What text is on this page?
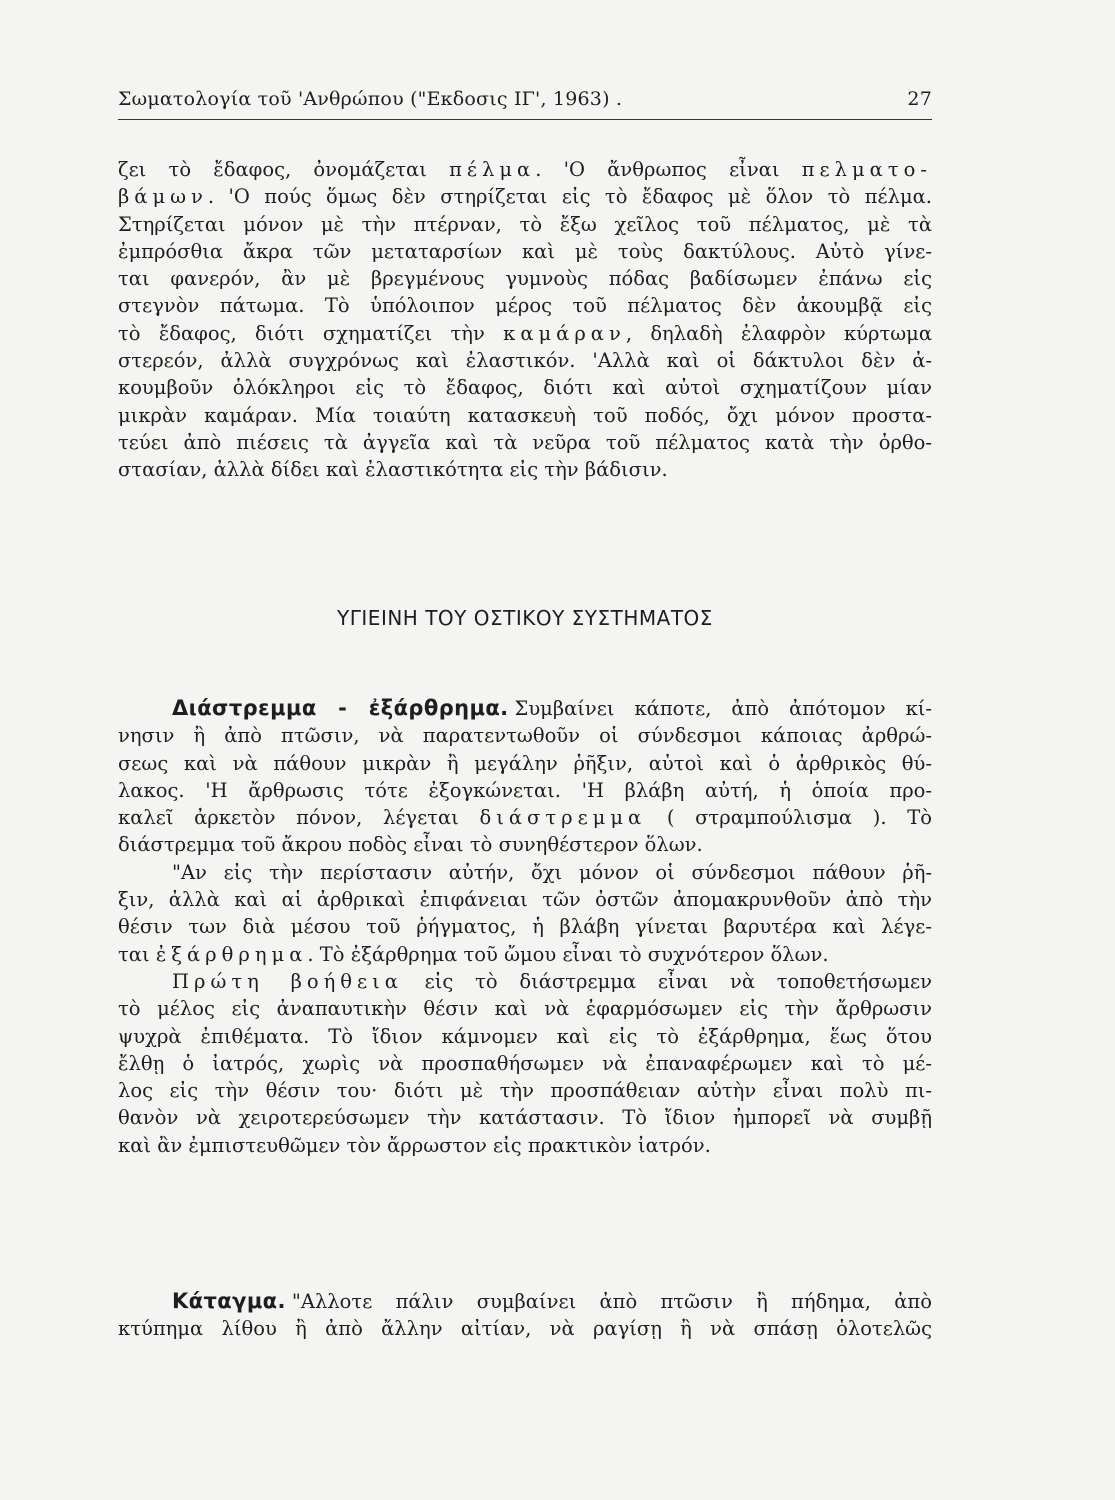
Σωματολογία τοῦ 'Ανθρώπου ("Εκδοσις ΙΓ', 1963) .	27

ζει τὸ ἔδαφος, ὀνομάζεται πέλμα. 'Ο ἄνθρωπος εἶναι πελματο-
βάμων. 'Ο πούς ὅμως δὲν στηρίζεται εἰς τὸ ἔδαφος μὲ ὅλον τὸ πέλμα.
Στηρίζεται μόνον μὲ τὴν πτέρναν, τὸ ἔξω χεῖλος τοῦ πέλματος, μὲ τὰ
ἐμπρόσθια ἄκρα τῶν μεταταρσίων καὶ μὲ τοὺς δακτύλους. Αὐτὸ γίνε-
ται φανερόν, ἂν μὲ βρεγμένους γυμνοὺς πόδας βαδίσωμεν ἐπάνω εἰς
στεγνὸν πάτωμα. Τὸ ὑπόλοιπον μέρος τοῦ πέλματος δὲν ἀκουμβᾷ εἰς
τὸ ἔδαφος, διότι σχηματίζει τὴν καμάραν, δηλαδὴ ἐλαφρὸν κύρτωμα
στερεόν, ἀλλὰ συγχρόνως καὶ ἐλαστικόν. 'Αλλὰ καὶ οἱ δάκτυλοι δὲν ἀ-
κουμβοῦν ὁλόκληροι εἰς τὸ ἔδαφος, διότι καὶ αὐτοὶ σχηματίζουν μίαν
μικρὰν καμάραν. Μία τοιαύτη κατασκευὴ τοῦ ποδός, ὄχι μόνον προστα-
τεύει ἀπὸ πιέσεις τὰ ἀγγεῖα καὶ τὰ νεῦρα τοῦ πέλματος κατὰ τὴν ὀρθο-

στασίαν, ἀλλὰ δίδει καὶ ἐλαστικότητα εἰς τὴν βάδισιν.

ΥΓΙΕΙΝΗ ΤΟΥ ΟΣΤΙΚΟΥ ΣΥΣΤΗΜΑΤΟΣ
Διάστρεμμα - ἐξάρθρημα. Συμβαίνει κάποτε, ἀπὸ ἀπότομον κί-
νησιν ἢ ἀπὸ πτῶσιν, νὰ παρατεντωθοῦν οἱ σύνδεσμοι κάποιας ἀρθρώ-
σεως καὶ νὰ πάθουν μικρὰν ἢ μεγάλην ῥῆξιν, αὐτοὶ καὶ ὁ ἀρθρικὸς θύ-
λακος. 'Η ἄρθρωσις τότε ἐξογκώνεται. 'Η βλάβη αὐτή, ἡ ὁποία προ-
καλεῖ ἀρκετὸν πόνον, λέγεται διάστρεμμα ( στραμπούλισμα ). Τὸ
διάστρεμμα τοῦ ἄκρου ποδὸς εἶναι τὸ συνηθέστερον ὅλων.
"Αν εἰς τὴν περίστασιν αὐτήν, ὄχι μόνον οἱ σύνδεσμοι πάθουν ῥῆ-
ξιν, ἀλλὰ καὶ αἱ ἀρθρικαὶ ἐπιφάνειαι τῶν ὀστῶν ἀπομακρυνθοῦν ἀπὸ τὴν
θέσιν των διὰ μέσου τοῦ ῥήγματος, ἡ βλάβη γίνεται βαρυτέρα καὶ λέγε-
ται ἐξάρθρημα. Τὸ ἐξάρθρημα τοῦ ὤμου εἶναι τὸ συχνότερον ὅλων.
Πρώτη βοήθεια εἰς τὸ διάστρεμμα εἶναι νὰ τοποθετήσωμεν
τὸ μέλος εἰς ἀναπαυτικὴν θέσιν καὶ νὰ ἐφαρμόσωμεν εἰς τὴν ἄρθρωσιν
ψυχρὰ ἐπιθέματα. Τὸ ἴδιον κάμνομεν καὶ εἰς τὸ ἐξάρθρημα, ἕως ὅτου
ἔλθῃ ὁ ἰατρός, χωρὶς νὰ προσπαθήσωμεν νὰ ἐπαναφέρωμεν καὶ τὸ μέ-
λος εἰς τὴν θέσιν του· διότι μὲ τὴν προσπάθειαν αὐτὴν εἶναι πολὺ πι-
θανὸν νὰ χειροτερεύσωμεν τὴν κατάστασιν. Τὸ ἴδιον ἠμπορεῖ νὰ συμβῇ
καὶ ἂν ἐμπιστευθῶμεν τὸν ἄρρωστον εἰς πρακτικὸν ἰατρόν.
Κάταγμα. "Αλλοτε πάλιν συμβαίνει ἀπὸ πτῶσιν ἢ πήδημα, ἀπὸ
κτύπημα λίθου ἢ ἀπὸ ἄλλην αἰτίαν, νὰ ραγίσῃ ἢ νὰ σπάσῃ ὁλοτελῶς
